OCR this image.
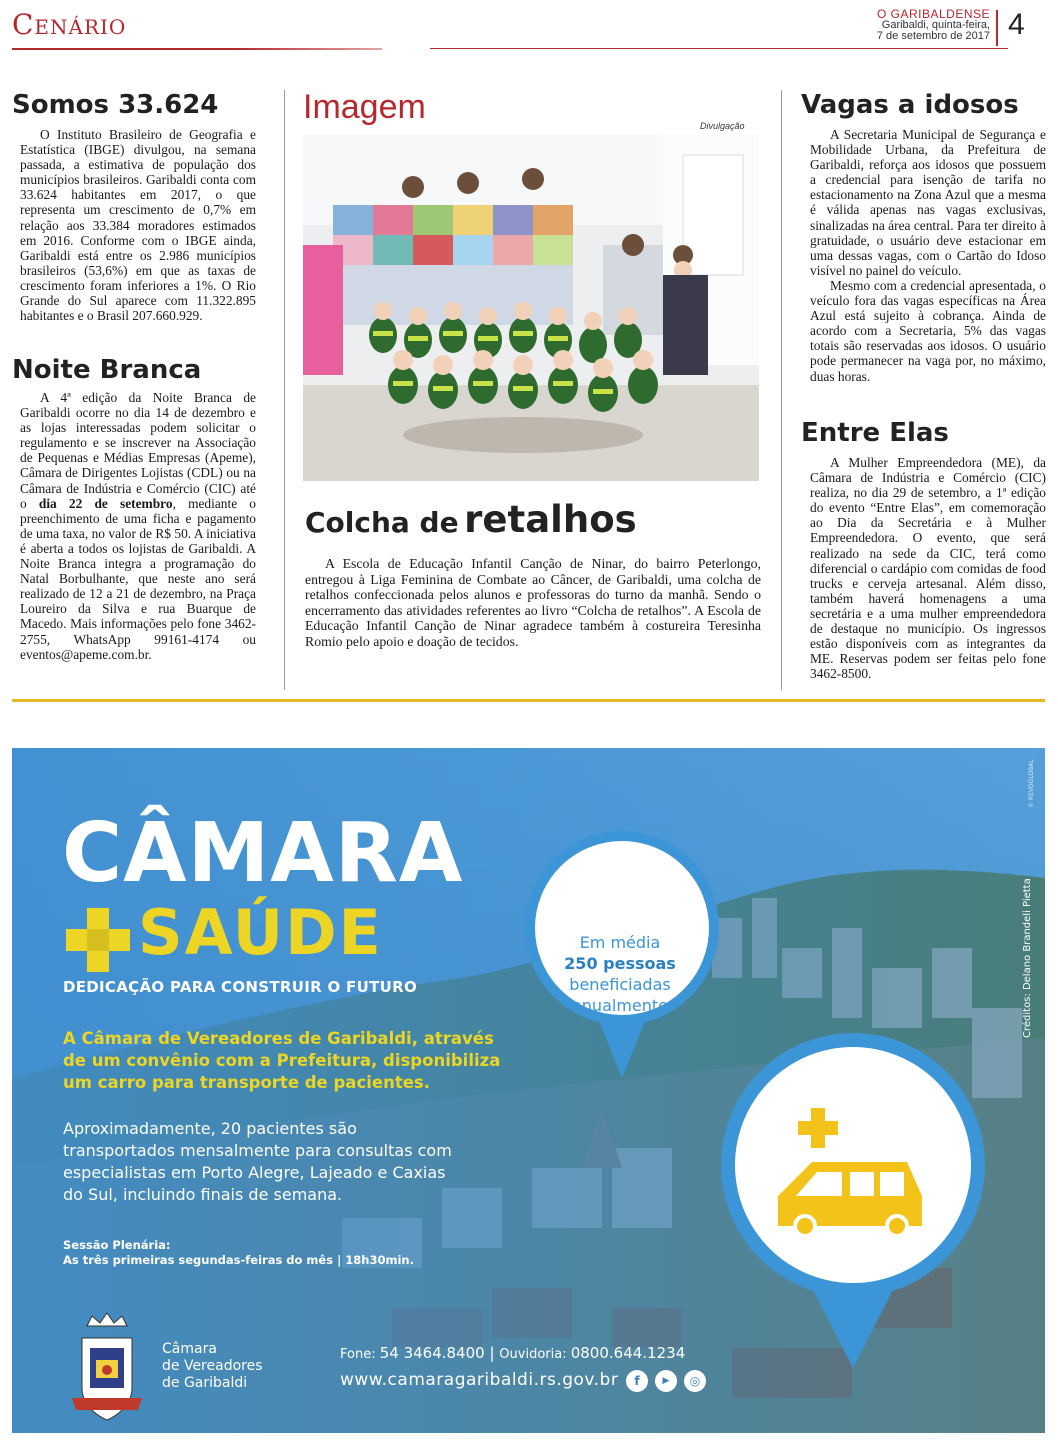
Cenário	O GARIBALDENSE
Garibaldi, quinta-feira,
7 de setembro de 2017 4
Somos 33.624

O Instituto Brasileiro de Geografia e Estatística (IBGE) divulgou, na semana passada, a estimativa de população dos municípios brasileiros. Garibaldi conta com 33.624 habitantes em 2017, o que representa um crescimento de 0,7% em relação aos 33.384 moradores estimados em 2016. Conforme com o IBGE ainda, Garibaldi está entre os 2.986 municípios brasileiros (53,6%) em que as taxas de crescimento foram inferiores a 1%. O Rio Grande do Sul aparece com 11.322.895 habitantes e o Brasil 207.660.929.

Noite Branca

A 4ª edição da Noite Branca de Garibaldi ocorre no dia 14 de dezembro e as lojas interessadas podem solicitar o regulamento e se inscrever na Associação de Pequenas e Médias Empresas (Apeme), Câmara de Dirigentes Lojistas (CDL) ou na Câmara de Indústria e Comércio (CIC) até o dia 22 de setembro, mediante o preenchimento de uma ficha e pagamento de uma taxa, no valor de R$ 50. A iniciativa é aberta a todos os lojistas de Garibaldi. A Noite Branca integra a programação do Natal Borbulhante, que neste ano será realizado de 12 a 21 de dezembro, na Praça Loureiro da Silva e rua Buarque de Macedo. Mais informações pelo fone 3462-2755, WhatsApp 99161-4174 ou eventos@apeme.com.br.

Imagem	Divulgação
Colcha de retalhos

A Escola de Educação Infantil Canção de Ninar, do bairro Peterlongo, entregou à Liga Feminina de Combate ao Câncer, de Garibaldi, uma colcha de retalhos confeccionada pelos alunos e professoras do turno da manhã. Sendo o encerramento das atividades referentes ao livro “Colcha de retalhos”. A Escola de Educação Infantil Canção de Ninar agradece também à costureira Teresinha Romio pelo apoio e doação de tecidos.

Vagas a idosos

A Secretaria Municipal de Segurança e Mobilidade Urbana, da Prefeitura de Garibaldi, reforça aos idosos que possuem a credencial para isenção de tarifa no estacionamento na Zona Azul que a mesma é válida apenas nas vagas exclusivas, sinalizadas na área central. Para ter direito à gratuidade, o usuário deve estacionar em uma dessas vagas, com o Cartão do Idoso visível no painel do veículo.

Mesmo com a credencial apresentada, o veículo fora das vagas específicas na Área Azul está sujeito à cobrança. Ainda de acordo com a Secretaria, 5% das vagas totais são reservadas aos idosos. O usuário pode permanecer na vaga por, no máximo, duas horas.

Entre Elas

A Mulher Empreendedora (ME), da Câmara de Indústria e Comércio (CIC) realiza, no dia 29 de setembro, a 1ª edição do evento “Entre Elas”, em comemoração ao Dia da Secretária e à Mulher Empreendedora. O evento, que será realizado na sede da CIC, terá como diferencial o cardápio com comidas de food trucks e cerveja artesanal. Além disso, também haverá homenagens a uma secretária e a uma mulher empreendedora de destaque no município. Os ingressos estão disponíveis com as integrantes da ME. Reservas podem ser feitas pelo fone 3462-8500.

© REVOGLOBAL
Créditos: Delano Brandeli Pietta
CÂMARA
SAÚDE
DEDICAÇÃO PARA CONSTRUIR O FUTURO
A Câmara de Vereadores de Garibaldi, através de um convênio com a Prefeitura, disponibiliza um carro para transporte de pacientes.
Aproximadamente, 20 pacientes são transportados mensalmente para consultas com especialistas em Porto Alegre, Lajeado e Caxias do Sul, incluindo finais de semana.
Sessão Plenária:
As três primeiras segundas-feiras do mês | 18h30min.
Em média
250 pessoas
beneficiadas
anualmente
Câmara
de Vereadores
de Garibaldi
Fone: 54 3464.8400 | Ouvidoria: 0800.644.1234
www.camaragaribaldi.rs.gov.br	f	▶	◎
